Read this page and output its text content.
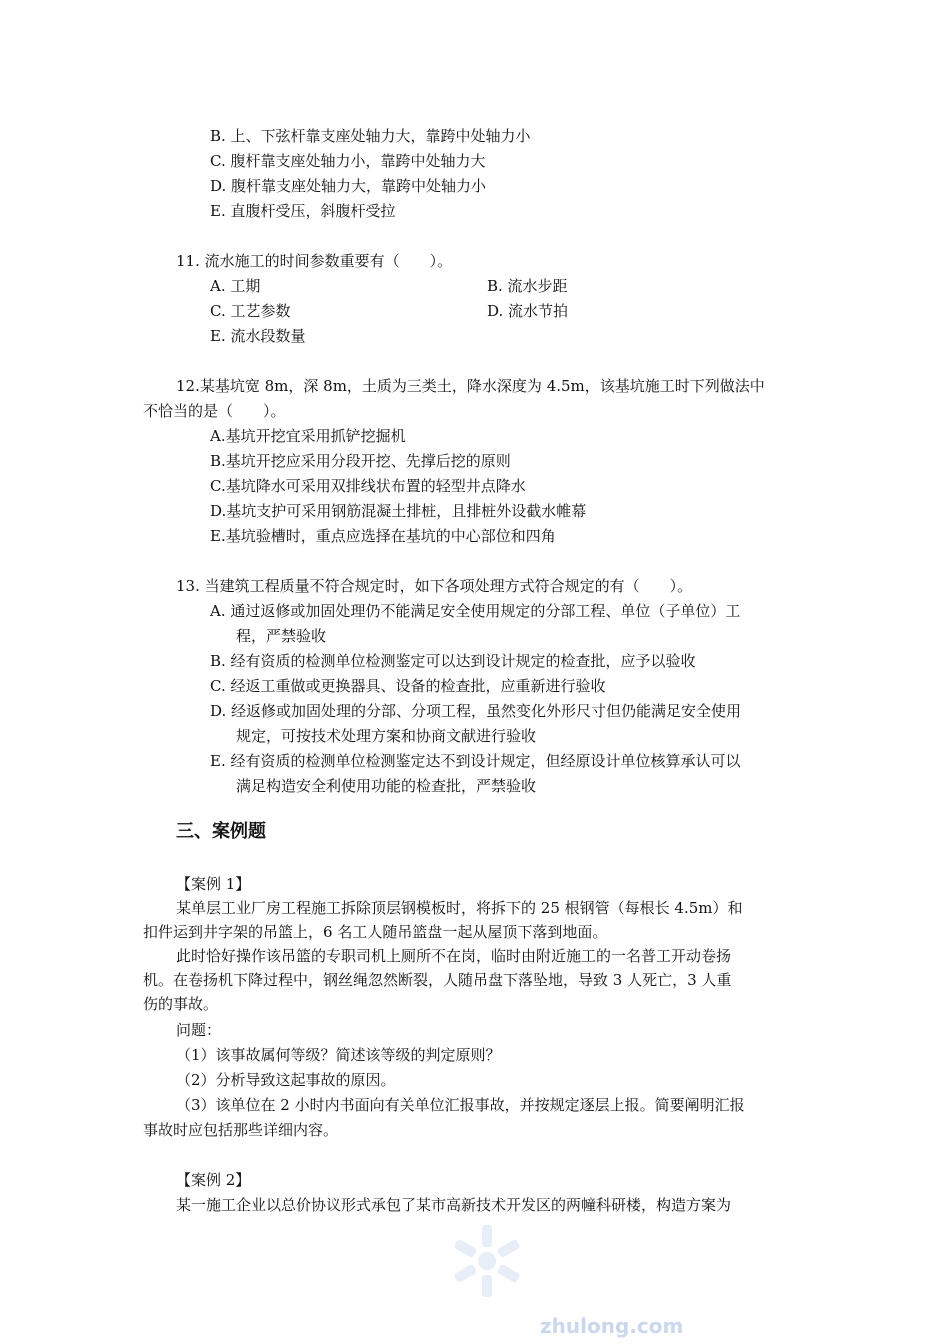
B. 上、下弦杆靠支座处轴力大，靠跨中处轴力小
C. 腹杆靠支座处轴力小，靠跨中处轴力大
D. 腹杆靠支座处轴力大，靠跨中处轴力小
E. 直腹杆受压，斜腹杆受拉
11. 流水施工的时间参数重要有（　　）。
A. 工期	B. 流水步距
C. 工艺参数	D. 流水节拍
E. 流水段数量
12.某基坑宽 8m，深 8m，土质为三类土，降水深度为 4.5m，该基坑施工时下列做法中
不恰当的是（　　）。
A.基坑开挖宜采用抓铲挖掘机
B.基坑开挖应采用分段开挖、先撑后挖的原则
C.基坑降水可采用双排线状布置的轻型井点降水
D.基坑支护可采用钢筋混凝土排桩，且排桩外设截水帷幕
E.基坑验槽时，重点应选择在基坑的中心部位和四角
13. 当建筑工程质量不符合规定时，如下各项处理方式符合规定的有（　　）。
A. 通过返修或加固处理仍不能满足安全使用规定的分部工程、单位（子单位）工
程，严禁验收
B. 经有资质的检测单位检测鉴定可以达到设计规定的检查批，应予以验收
C. 经返工重做或更换器具、设备的检查批，应重新进行验收
D. 经返修或加固处理的分部、分项工程，虽然变化外形尺寸但仍能满足安全使用
规定，可按技术处理方案和协商文献进行验收
E. 经有资质的检测单位检测鉴定达不到设计规定，但经原设计单位核算承认可以
满足构造安全利使用功能的检查批，严禁验收
三、案例题
【案例 1】
某单层工业厂房工程施工拆除顶层钢模板时，将拆下的 25 根钢管（每根长 4.5m）和
扣件运到井字架的吊篮上，6 名工人随吊篮盘一起从屋顶下落到地面。
此时恰好操作该吊篮的专职司机上厕所不在岗，临时由附近施工的一名普工开动卷扬
机。在卷扬机下降过程中，钢丝绳忽然断裂，人随吊盘下落坠地，导致 3 人死亡，3 人重
伤的事故。
问题：
（1）该事故属何等级？简述该等级的判定原则？
（2）分析导致这起事故的原因。
（3）该单位在 2 小时内书面向有关单位汇报事故，并按规定逐层上报。简要阐明汇报
事故时应包括那些详细内容。
【案例 2】
某一施工企业以总价协议形式承包了某市高新技术开发区的两幢科研楼，构造方案为
zhulong.com
